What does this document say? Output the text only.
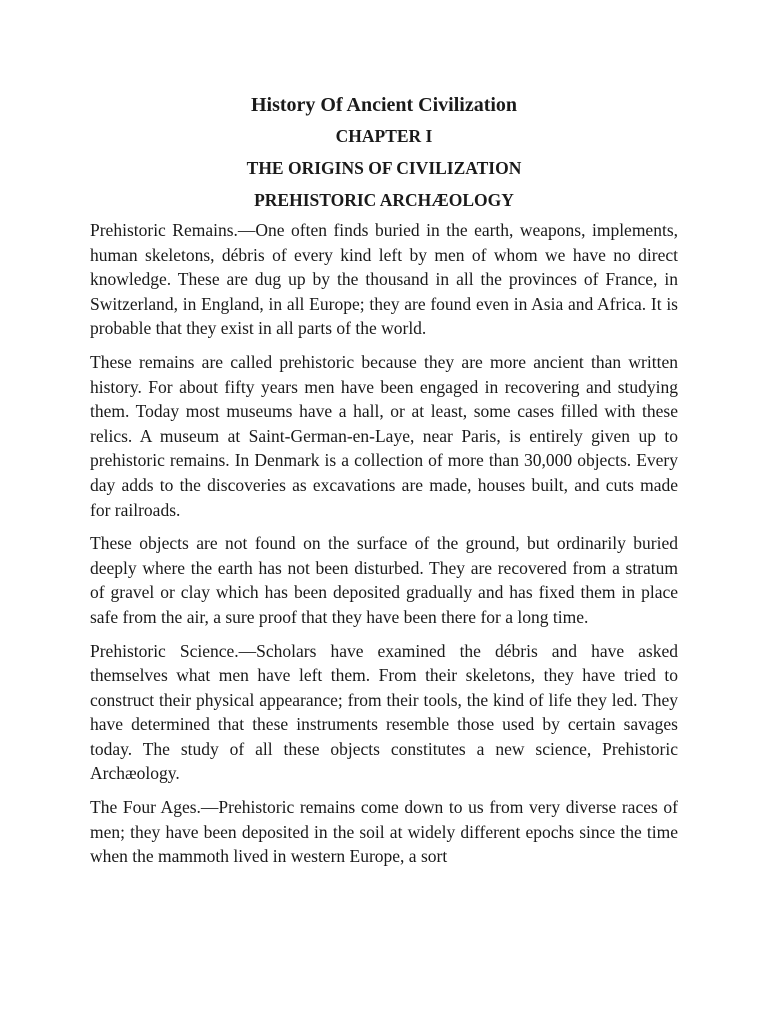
History Of Ancient Civilization
CHAPTER I
THE ORIGINS OF CIVILIZATION
PREHISTORIC ARCHÆOLOGY

Prehistoric Remains.—One often finds buried in the earth, weapons, implements, human skeletons, débris of every kind left by men of whom we have no direct knowledge. These are dug up by the thousand in all the provinces of France, in Switzerland, in England, in all Europe; they are found even in Asia and Africa. It is probable that they exist in all parts of the world.

These remains are called prehistoric because they are more ancient than written history. For about fifty years men have been engaged in recovering and studying them. Today most museums have a hall, or at least, some cases filled with these relics. A museum at Saint-German-en-Laye, near Paris, is entirely given up to prehistoric remains. In Denmark is a collection of more than 30,000 objects. Every day adds to the discoveries as excavations are made, houses built, and cuts made for railroads.

These objects are not found on the surface of the ground, but ordinarily buried deeply where the earth has not been disturbed. They are recovered from a stratum of gravel or clay which has been deposited gradually and has fixed them in place safe from the air, a sure proof that they have been there for a long time.

Prehistoric Science.—Scholars have examined the débris and have asked themselves what men have left them. From their skeletons, they have tried to construct their physical appearance; from their tools, the kind of life they led. They have determined that these instruments resemble those used by certain savages today. The study of all these objects constitutes a new science, Prehistoric Archæology.

The Four Ages.—Prehistoric remains come down to us from very diverse races of men; they have been deposited in the soil at widely different epochs since the time when the mammoth lived in western Europe, a sort
